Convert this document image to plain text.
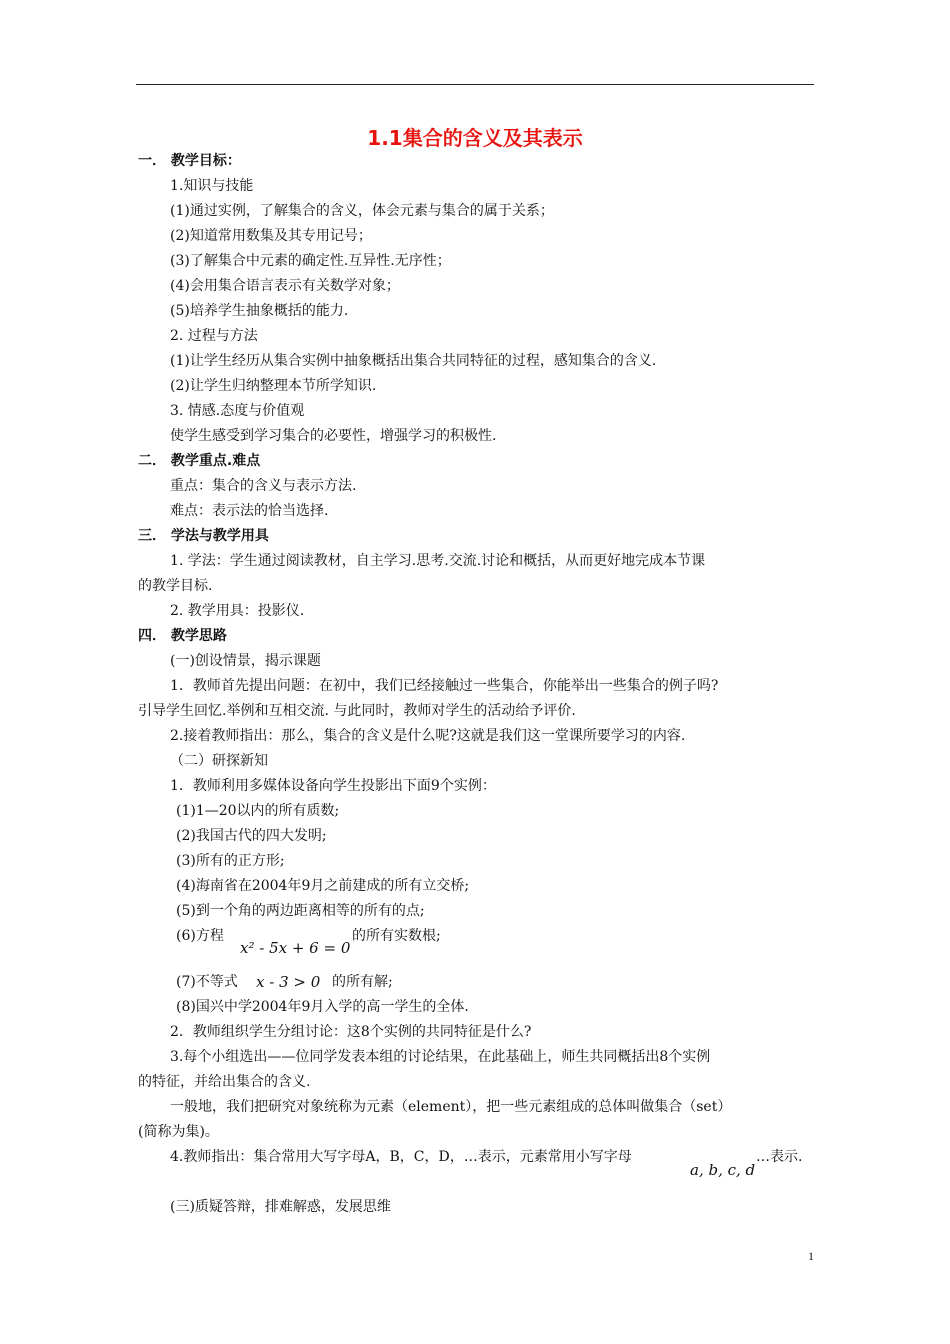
1.1集合的含义及其表示
一． 教学目标：
1.知识与技能
(1)通过实例，了解集合的含义，体会元素与集合的属于关系；
(2)知道常用数集及其专用记号；
(3)了解集合中元素的确定性.互异性.无序性；
(4)会用集合语言表示有关数学对象；
(5)培养学生抽象概括的能力.
2. 过程与方法
(1)让学生经历从集合实例中抽象概括出集合共同特征的过程，感知集合的含义.
(2)让学生归纳整理本节所学知识.
3. 情感.态度与价值观
使学生感受到学习集合的必要性，增强学习的积极性.
二． 教学重点.难点
重点：集合的含义与表示方法.
难点：表示法的恰当选择.
三． 学法与教学用具
1. 学法：学生通过阅读教材，自主学习.思考.交流.讨论和概括，从而更好地完成本节课
的教学目标.
2. 教学用具：投影仪.
四． 教学思路
(一)创设情景，揭示课题
1．教师首先提出问题：在初中，我们已经接触过一些集合，你能举出一些集合的例子吗?
引导学生回忆.举例和互相交流. 与此同时，教师对学生的活动给予评价.
2.接着教师指出：那么，集合的含义是什么呢?这就是我们这一堂课所要学习的内容.
（二）研探新知
1．教师利用多媒体设备向学生投影出下面9个实例：
(1)1—20以内的所有质数;
(2)我国古代的四大发明;
(3)所有的正方形;
(4)海南省在2004年9月之前建成的所有立交桥;
(5)到一个角的两边距离相等的所有的点;
(6)方程
x² - 5x + 6 = 0
的所有实数根;
(7)不等式 x - 3 > 0 的所有解;
(8)国兴中学2004年9月入学的高一学生的全体.
2．教师组织学生分组讨论：这8个实例的共同特征是什么?
3.每个小组选出——位同学发表本组的讨论结果，在此基础上，师生共同概括出8个实例
的特征，并给出集合的含义.
一般地，我们把研究对象统称为元素（element），把一些元素组成的总体叫做集合（set）
(简称为集)。
4.教师指出：集合常用大写字母A，B，C，D，…表示，元素常用小写字母
a, b, c, d
…表示.
(三)质疑答辩，排难解惑，发展思维
1
